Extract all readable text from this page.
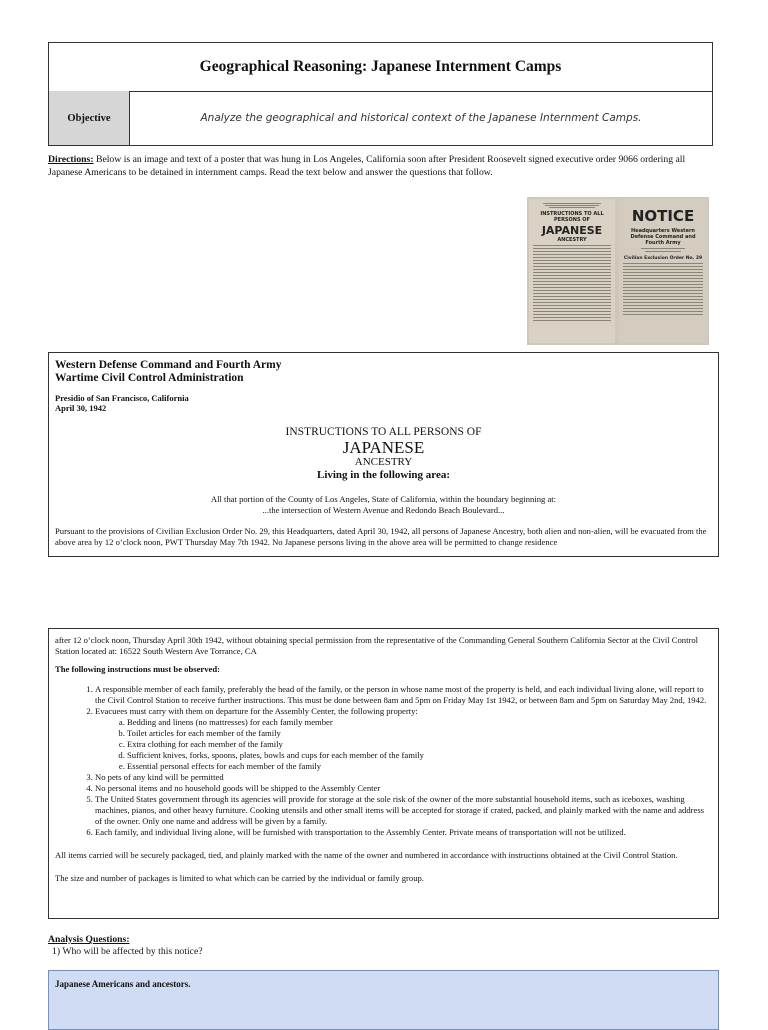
Geographical Reasoning: Japanese Internment Camps
Objective	Analyze the geographical and historical context of the Japanese Internment Camps.
Directions: Below is an image and text of a poster that was hung in Los Angeles, California soon after President Roosevelt signed executive order 9066 ordering all Japanese Americans to be detained in internment camps. Read the text below and answer the questions that follow.
INSTRUCTIONS TO ALL PERSONS OF
JAPANESE
ANCESTRY
NOTICE
Headquarters Western Defense Command and Fourth Army
Civilian Exclusion Order No. 29
Western Defense Command and Fourth Army
Wartime Civil Control Administration
Presidio of San Francisco, California
April 30, 1942
INSTRUCTIONS TO ALL PERSONS OF
JAPANESE
ANCESTRY
Living in the following area:
All that portion of the County of Los Angeles, State of California, within the boundary beginning at:
...the intersection of Western Avenue and Redondo Beach Boulevard...
Pursuant to the provisions of Civilian Exclusion Order No. 29, this Headquarters, dated April 30, 1942, all persons of Japanese Ancestry, both alien and non-alien, will be evacuated from the above area by 12 o’clock noon, PWT Thursday May 7th 1942. No Japanese persons living in the above area will be permitted to change residence
after 12 o’clock noon, Thursday April 30th 1942, without obtaining special permission from the representative of the Commanding General Southern California Sector at the Civil Control Station located at: 16522 South Western Ave Torrance, CA
The following instructions must be observed:
1. A responsible member of each family, preferably the head of the family, or the person in whose name most of the property is held, and each individual living alone, will report to the Civil Control Station to receive further instructions. This must be done between 8am and 5pm on Friday May 1st 1942, or between 8am and 5pm on Saturday May 2nd, 1942.
2. Evacuees must carry with them on departure for the Assembly Center, the following property:
a. Bedding and linens (no mattresses) for each family member
b. Toilet articles for each member of the family
c. Extra clothing for each member of the family
d. Sufficient knives, forks, spoons, plates, bowls and cups for each member of the family
e. Essential personal effects for each member of the family
3. No pets of any kind will be permitted
4. No personal items and no household goods will be shipped to the Assembly Center
5. The United States government through its agencies will provide for storage at the sole risk of the owner of the more substantial household items, such as iceboxes, washing machines, pianos, and other heavy furniture. Cooking utensils and other small items will be accepted for storage if crated, packed, and plainly marked with the name and address of the owner. Only one name and address will be given by a family.
6. Each family, and individual living alone, will be furnished with transportation to the Assembly Center. Private means of transportation will not be utilized.
All items carried will be securely packaged, tied, and plainly marked with the name of the owner and numbered in accordance with instructions obtained at the Civil Control Station.
The size and number of packages is limited to what which can be carried by the individual or family group.
Analysis Questions:
1) Who will be affected by this notice?
Japanese Americans and ancestors.
